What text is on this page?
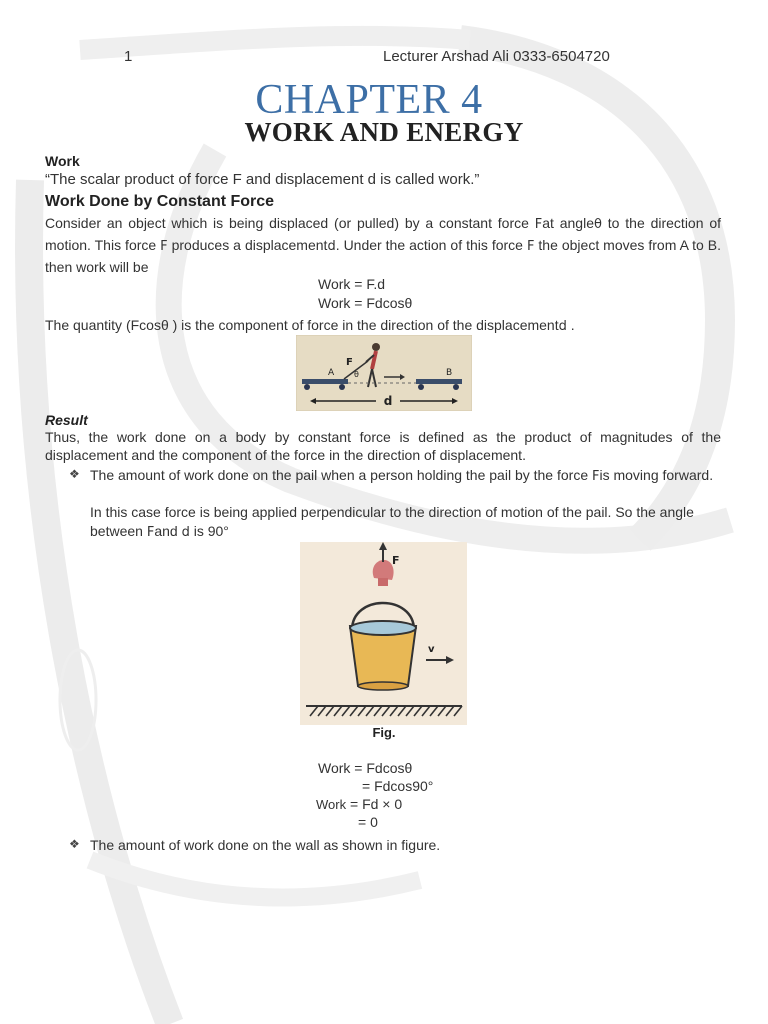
1	Lecturer Arshad Ali 0333-6504720
CHAPTER 4
WORK AND ENERGY
Work
“The scalar product of force F and displacement d is called work.”
Work Done by Constant Force
Consider an object which is being displaced (or pulled) by a constant force Fat angleθ to the direction of motion. This force F produces a displacementd. Under the action of this force F the object moves from A to B. then work will be
Work = F.d
Work = Fdcosθ
The quantity (Fcosθ ) is the component of force in the direction of the displacementd .
F
θ
A	B
d
Result
Thus, the work done on a body by constant force is defined as the product of magnitudes of the displacement and the component of the force in the direction of displacement.
❖ The amount of work done on the pail when a person holding the pail by the force Fis moving forward.
In this case force is being applied perpendicular to the direction of motion of the pail. So the angle between Fand d is 90°
F
v
Fig.
Work = Fdcosθ
= Fdcos90°
Work = Fd × 0
= 0
❖ The amount of work done on the wall as shown in figure.
